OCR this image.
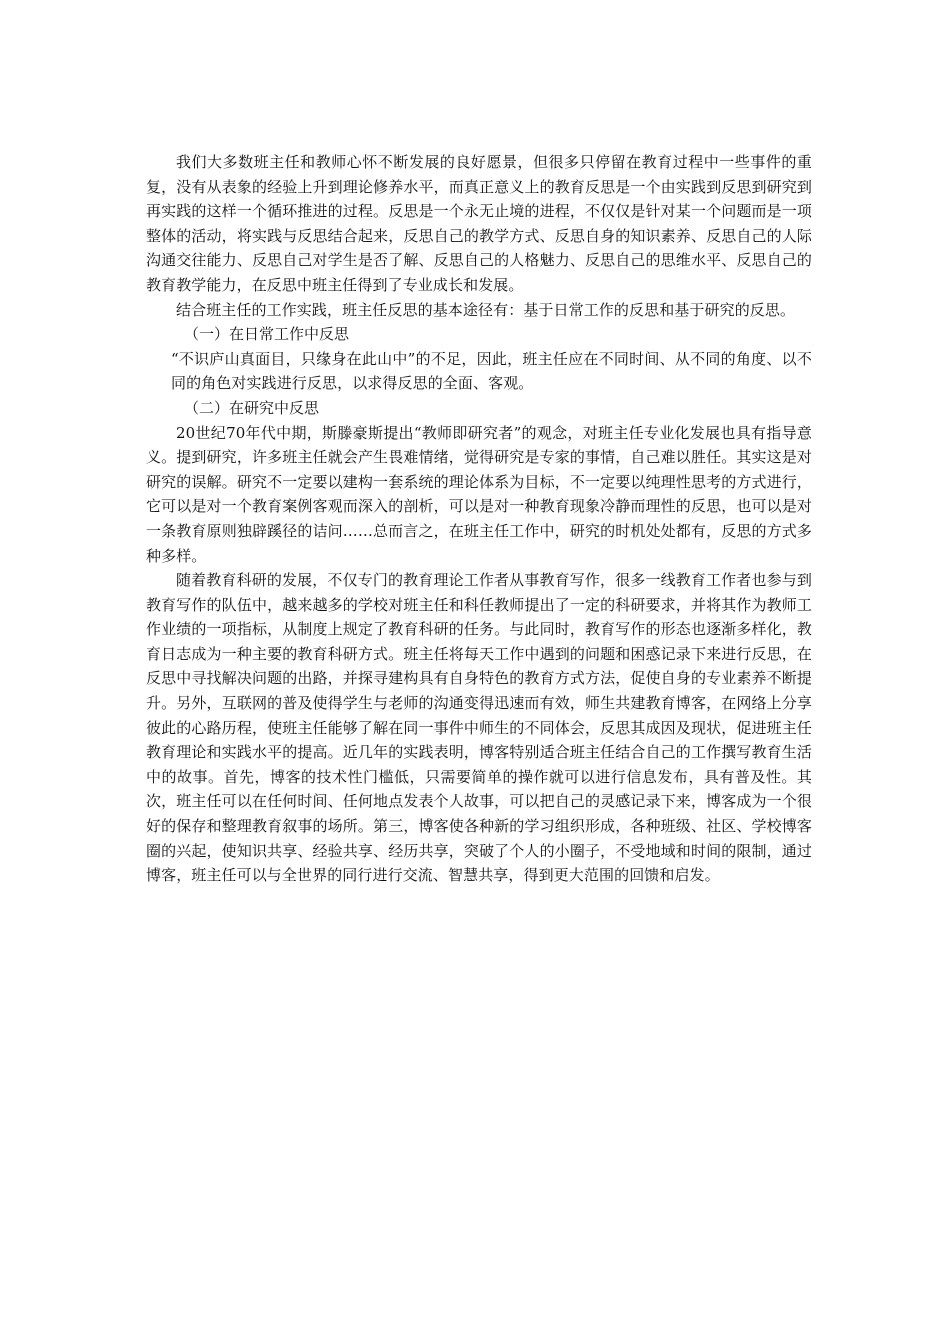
我们大多数班主任和教师心怀不断发展的良好愿景，但很多只停留在教育过程中一些事件的重复，没有从表象的经验上升到理论修养水平，而真正意义上的教育反思是一个由实践到反思到研究到再实践的这样一个循环推进的过程。反思是一个永无止境的进程，不仅仅是针对某一个问题而是一项整体的活动，将实践与反思结合起来，反思自己的教学方式、反思自身的知识素养、反思自己的人际沟通交往能力、反思自己对学生是否了解、反思自己的人格魅力、反思自己的思维水平、反思自己的教育教学能力，在反思中班主任得到了专业成长和发展。

结合班主任的工作实践，班主任反思的基本途径有：基于日常工作的反思和基于研究的反思。

（一）在日常工作中反思

“不识庐山真面目，只缘身在此山中”的不足，因此，班主任应在不同时间、从不同的角度、以不同的角色对实践进行反思，以求得反思的全面、客观。

（二）在研究中反思

20世纪70年代中期，斯滕豪斯提出“教师即研究者”的观念，对班主任专业化发展也具有指导意义。提到研究，许多班主任就会产生畏难情绪，觉得研究是专家的事情，自己难以胜任。其实这是对研究的误解。研究不一定要以建构一套系统的理论体系为目标，不一定要以纯理性思考的方式进行，它可以是对一个教育案例客观而深入的剖析，可以是对一种教育现象冷静而理性的反思，也可以是对一条教育原则独辟蹊径的诘问……总而言之，在班主任工作中，研究的时机处处都有，反思的方式多种多样。

随着教育科研的发展，不仅专门的教育理论工作者从事教育写作，很多一线教育工作者也参与到教育写作的队伍中，越来越多的学校对班主任和科任教师提出了一定的科研要求，并将其作为教师工作业绩的一项指标，从制度上规定了教育科研的任务。与此同时，教育写作的形态也逐渐多样化，教育日志成为一种主要的教育科研方式。班主任将每天工作中遇到的问题和困惑记录下来进行反思，在反思中寻找解决问题的出路，并探寻建构具有自身特色的教育方式方法，促使自身的专业素养不断提升。另外，互联网的普及使得学生与老师的沟通变得迅速而有效，师生共建教育博客，在网络上分享彼此的心路历程，使班主任能够了解在同一事件中师生的不同体会，反思其成因及现状，促进班主任教育理论和实践水平的提高。近几年的实践表明，博客特别适合班主任结合自己的工作撰写教育生活中的故事。首先，博客的技术性门槛低，只需要简单的操作就可以进行信息发布，具有普及性。其次，班主任可以在任何时间、任何地点发表个人故事，可以把自己的灵感记录下来，博客成为一个很好的保存和整理教育叙事的场所。第三，博客使各种新的学习组织形成，各种班级、社区、学校博客圈的兴起，使知识共享、经验共享、经历共享，突破了个人的小圈子，不受地域和时间的限制，通过博客，班主任可以与全世界的同行进行交流、智慧共享，得到更大范围的回馈和启发。
